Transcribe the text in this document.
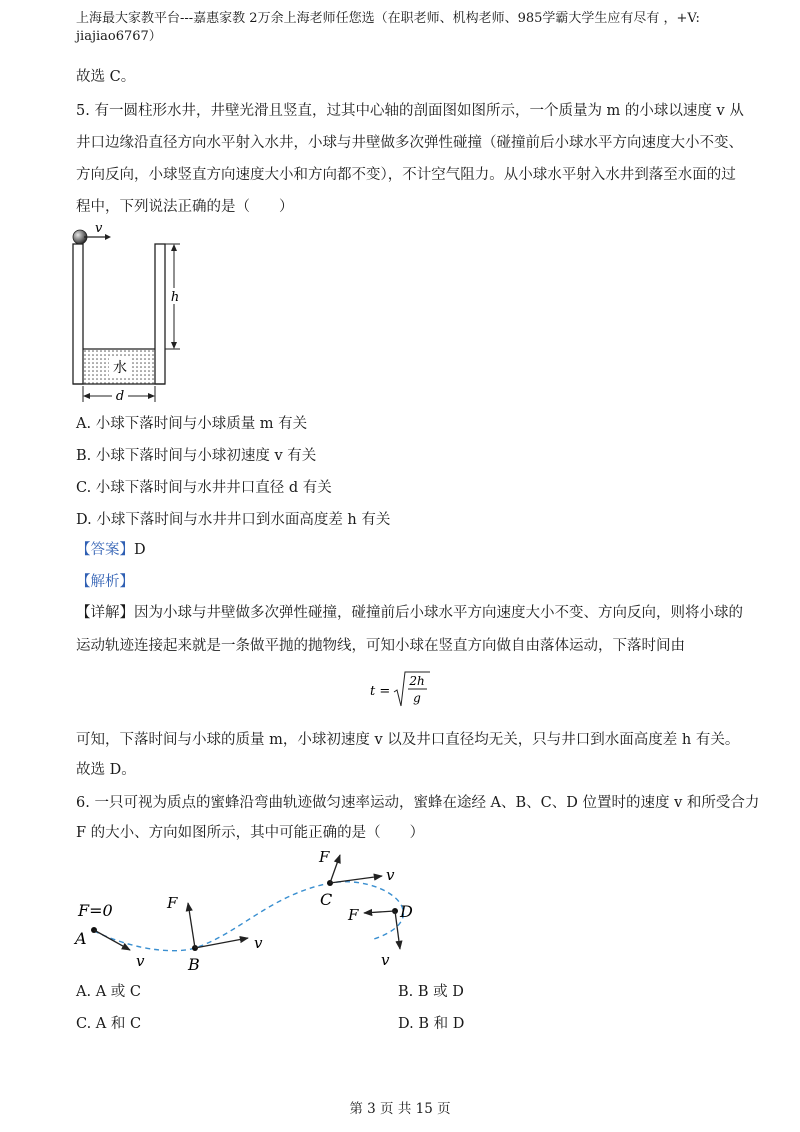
上海最大家教平台---嘉惠家教 2万余上海老师任您选（在职老师、机构老师、985学霸大学生应有尽有 ，+V: jiajiao6767）
故选 C。
5. 有一圆柱形水井，井壁光滑且竖直，过其中心轴的剖面图如图所示，一个质量为 m 的小球以速度 v 从
井口边缘沿直径方向水平射入水井，小球与井壁做多次弹性碰撞（碰撞前后小球水平方向速度大小不变、
方向反向，小球竖直方向速度大小和方向都不变），不计空气阻力。从小球水平射入水井到落至水面的过
程中，下列说法正确的是（　　）
水
v
h
d
A. 小球下落时间与小球质量 m 有关
B. 小球下落时间与小球初速度 v 有关
C. 小球下落时间与水井井口直径 d 有关
D. 小球下落时间与水井井口到水面高度差 h 有关
【答案】D
【解析】
【详解】因为小球与井壁做多次弹性碰撞，碰撞前后小球水平方向速度大小不变、方向反向，则将小球的
运动轨迹连接起来就是一条做平抛的抛物线，可知小球在竖直方向做自由落体运动，下落时间由
t =
2h
g
可知，下落时间与小球的质量 m，小球初速度 v 以及井口直径均无关，只与井口到水面高度差 h 有关。
故选 D。
6. 一只可视为质点的蜜蜂沿弯曲轨迹做匀速率运动，蜜蜂在途经 A、B、C、D 位置时的速度 v 和所受合力
F 的大小、方向如图所示，其中可能正确的是（　　）
F=0
A
v	B
F
v
C
F
v
D
F
v
A. A 或 C	B. B 或 D
C. A 和 C	D. B 和 D
第 3 页 共 15 页
